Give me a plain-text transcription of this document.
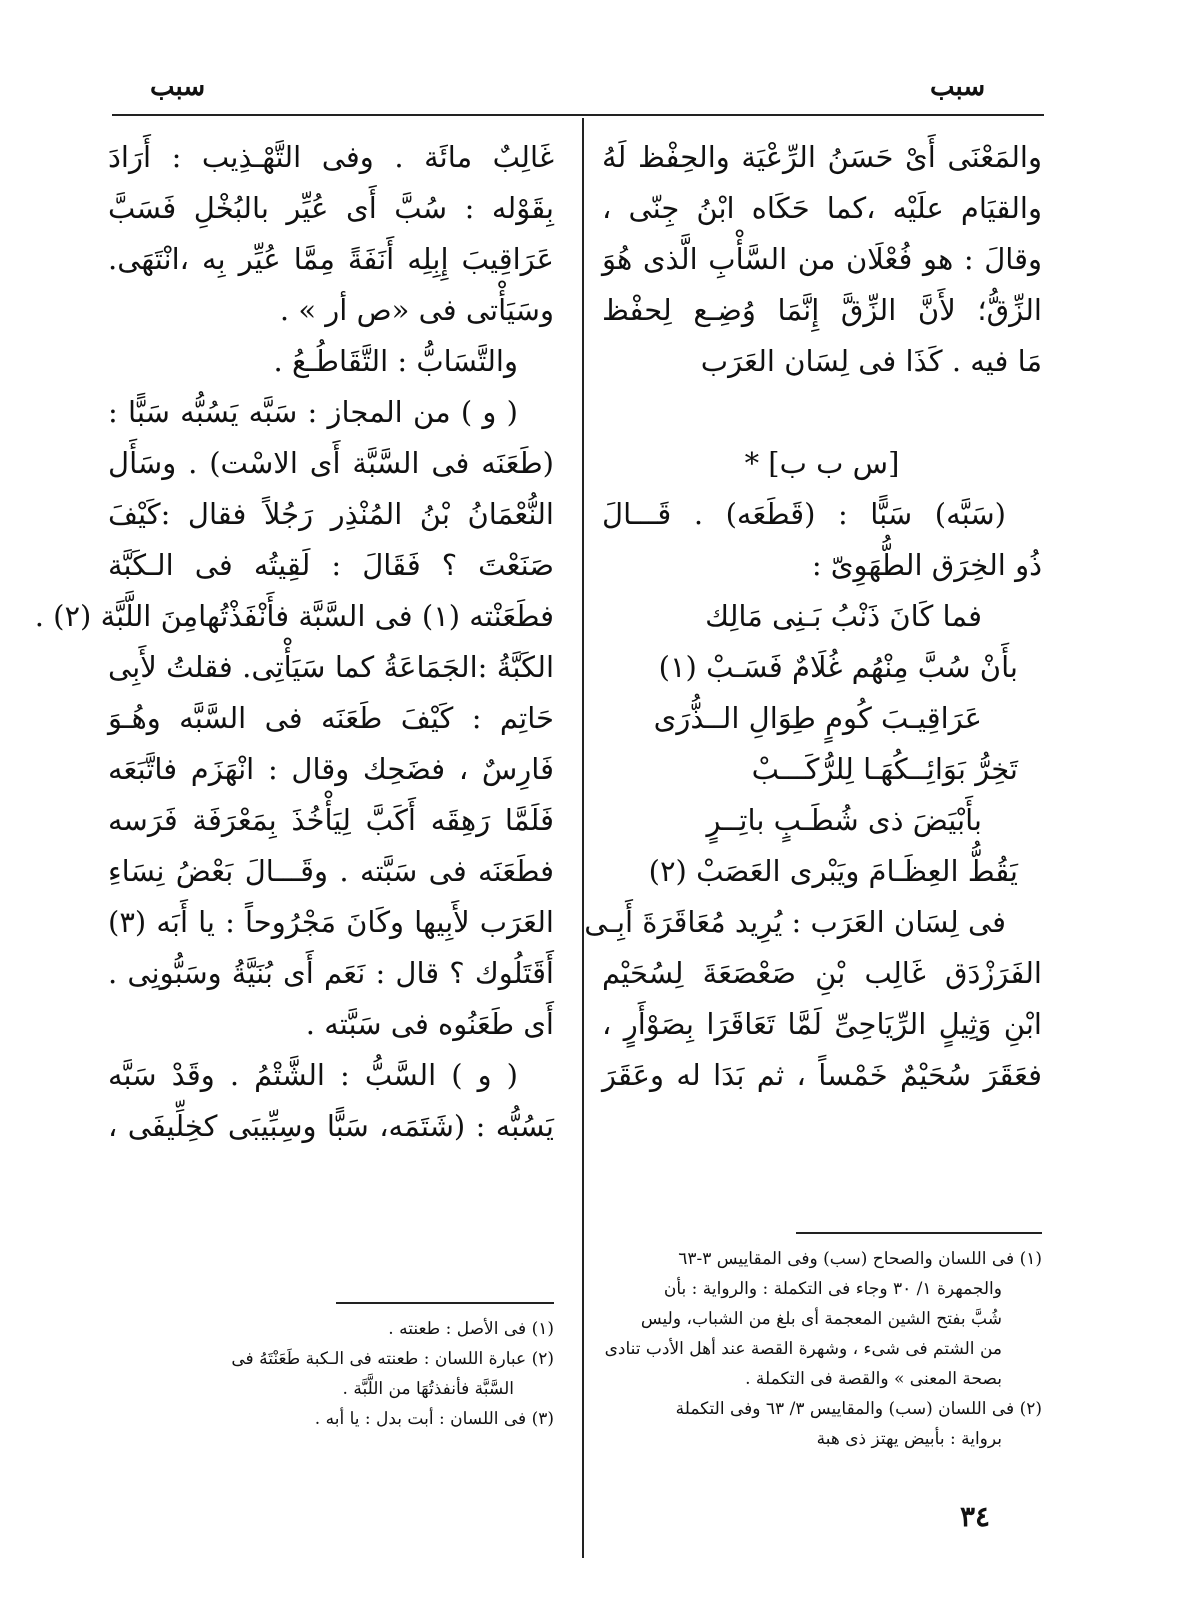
سبب
سبب
والمَعْنَى أَىْ حَسَنُ الرِّعْيَة والحِفْظ لَهُ
والقيَام علَيْه ،كما حَكَاه ابْنُ جِنّى ،
وقالَ : هو فُعْلَان من السَّأْبِ الَّذى هُوَ
الزِّقُّ؛ لأَنَّ الزِّقَّ إِنَّمَا وُضِـع لِحفْظ
مَا فيه . كَذَا فى لِسَان العَرَب
[س ب ب] *
(سَبَّه) سَبًّا : (قَطَعَه) . قَـــالَ
ذُو الخِرَق الطُّهَوِىّ :
فما كَانَ ذَنْبُ بَـنِى مَالِك
بأَنْ سُبَّ مِنْهُم غُلَامٌ فَسَـبْ (١)
عَرَاقِيـبَ كُومٍ طِوَالِ الــذُّرَى
تَخِرُّ بَوَائِــكُهَـا لِلرُّكَـــبْ
بأَبْيَضَ ذى شُطَـبٍ باتِــرٍ
يَقُطُّ العِظَـامَ ويَبْرى العَصَبْ (٢)
فى لِسَان العَرَب : يُرِيد مُعَاقَرَةَ أَبِـى
الفَرَزْدَق غَالِب بْنِ صَعْصَعَةَ لِسُحَيْم
ابْنِ وَثِيلٍ الرِّيَاحِىِّ لَمَّا تَعَاقَرَا بِصَوْأَرٍ ،
فعَقَرَ سُحَيْمٌ خَمْساً ، ثم بَدَا له وعَقَرَ
غَالِبٌ مائَة . وفى التَّهْـذِيب : أَرَادَ
بِقَوْله : سُبَّ أَى عُيِّر بالبُخْلِ فَسَبَّ
عَرَاقِيبَ إِبِلِه أَنَفَةً مِمَّا عُيِّر بِه ،انْتَهَى.
وسَيَأْتى فى «ص أر » .
والتَّسَابُّ : التَّقَاطُـعُ .
( و ) من المجاز : سَبَّه يَسُبُّه سَبًّا :
(طَعَنَه فى السَّبَّة أَى الاسْت) . وسَأَل
النُّعْمَانُ بْنُ المُنْذِر رَجُلاً فقال :كَيْفَ
صَنَعْتَ ؟ فَقَالَ : لَقِيتُه فى الـكَبَّة
فطَعَنْته (١) فى السَّبَّة فأَنْفَذْتُهامِنَ اللَّبَّة (٢) .
الكَبَّةُ :الجَمَاعَةُ كما سَيَأْتِى. فقلتُ لأَبِى
حَاتِم : كَيْفَ طَعَنَه فى السَّبَّه وهُـوَ
فَارِسٌ ، فضَحِك وقال : انْهَزَم فاتَّبَعَه
فَلَمَّا رَهِقَه أَكَبَّ لِيَأْخُذَ بِمَعْرَفَة فَرَسه
فطَعَنَه فى سَبَّته . وقَـــالَ بَعْضُ نِسَاءِ
العَرَب لأَبِيها وكَانَ مَجْرُوحاً : يا أَبَه (٣)
أَقَتَلُوك ؟ قال : نَعَم أَى بُنَيَّةُ وسَبُّونِى .
أَى طَعَنُوه فى سَبَّته .
( و ) السَّبُّ : الشَّتْمُ . وقَدْ سَبَّه
يَسُبُّه : (شَتَمَه، سَبًّا وسِبِّيبَى كخِلِّيفَى ،
(١) فى اللسان والصحاح (سب) وفى المقاييس ٣-٦٣
والجمهرة ١/ ٣٠ وجاء فى التكملة : والرواية : بأن
شُبَّ بفتح الشين المعجمة أى بلغ من الشباب، وليس
من الشتم فى شىء ، وشهرة القصة عند أهل الأدب تنادى
بصحة المعنى » والقصة فى التكملة .
(٢) فى اللسان (سب) والمقاييس ٣/ ٦٣ وفى التكملة
برواية : بأبيض يهتز ذى هبة
(١) فى الأصل : طعنته .
(٢) عبارة اللسان : طعنته فى الـكبة طَعَنْتَهُ فى
السَّبَّة فأنفذتُهَا من اللَّبَّة .
(٣) فى اللسان : أبت بدل : يا أبه .
٣٤
